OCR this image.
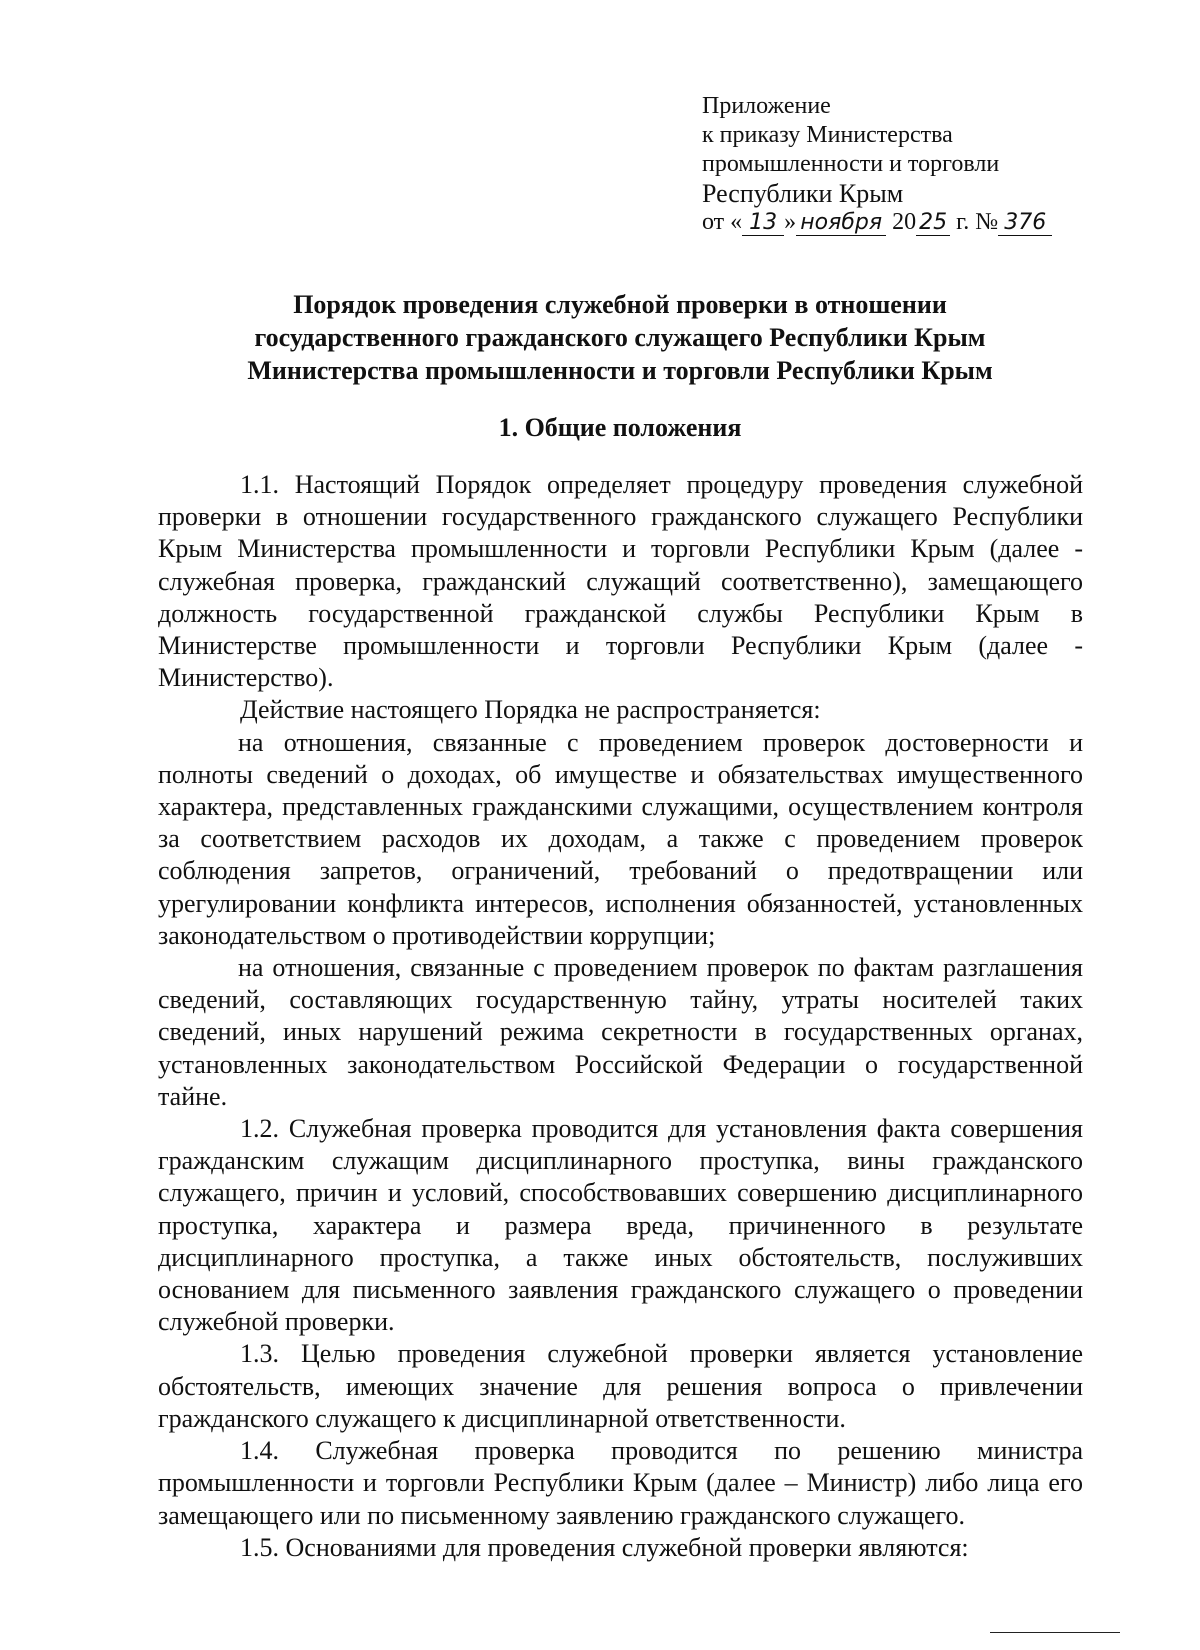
Приложение
к приказу Министерства
промышленности и торговли
Республики Крым
от « 13 » ноября 20 25 г. № 376
Порядок проведения служебной проверки в отношении
государственного гражданского служащего Республики Крым
Министерства промышленности и торговли Республики Крым
1. Общие положения

1.1. Настоящий Порядок определяет процедуру проведения служебной проверки в отношении государственного гражданского служащего Республики Крым Министерства промышленности и торговли Республики Крым (далее - служебная проверка, гражданский служащий соответственно), замещающего должность государственной гражданской службы Республики Крым в Министерстве промышленности и торговли Республики Крым (далее - Министерство).

Действие настоящего Порядка не распространяется:

на отношения, связанные с проведением проверок достоверности и полноты сведений о доходах, об имуществе и обязательствах имущественного характера, представленных гражданскими служащими, осуществлением контроля за соответствием расходов их доходам, а также с проведением проверок соблюдения запретов, ограничений, требований о предотвращении или урегулировании конфликта интересов, исполнения обязанностей, установленных законодательством о противодействии коррупции;

на отношения, связанные с проведением проверок по фактам разглашения сведений, составляющих государственную тайну, утраты носителей таких сведений, иных нарушений режима секретности в государственных органах, установленных законодательством Российской Федерации о государственной тайне.

1.2. Служебная проверка проводится для установления факта совершения гражданским служащим дисциплинарного проступка, вины гражданского служащего, причин и условий, способствовавших совершению дисциплинарного проступка, характера и размера вреда, причиненного в результате дисциплинарного проступка, а также иных обстоятельств, послуживших основанием для письменного заявления гражданского служащего о проведении служебной проверки.

1.3. Целью проведения служебной проверки является установление обстоятельств, имеющих значение для решения вопроса о привлечении гражданского служащего к дисциплинарной ответственности.

1.4. Служебная проверка проводится по решению министра промышленности и торговли Республики Крым (далее – Министр) либо лица его замещающего или по письменному заявлению гражданского служащего.

1.5. Основаниями для проведения служебной проверки являются:
